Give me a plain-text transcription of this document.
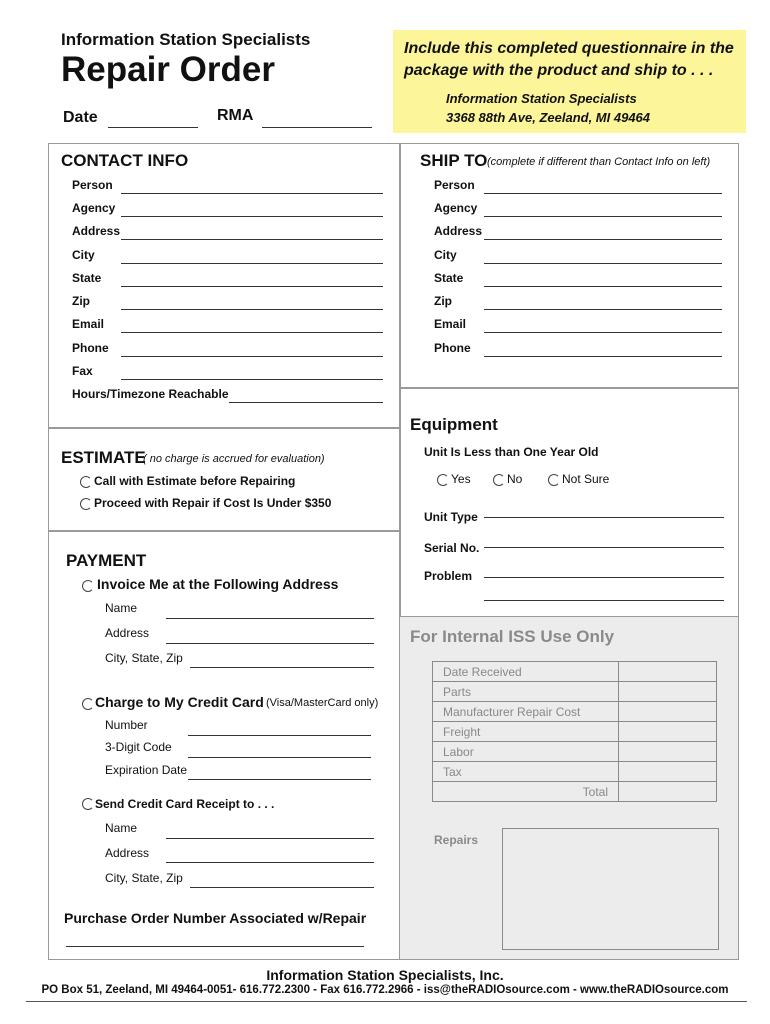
Information Station Specialists
Repair Order
Date	RMA
Include this completed questionnaire in the
package with the product and ship to . . .
Information Station Specialists
3368 88th Ave, Zeeland, MI 49464
CONTACT INFO
Person
Agency
Address
City
State
Zip
Email
Phone
Fax
Hours/Timezone Reachable
SHIP TO (complete if different than Contact Info on left)
Person
Agency
Address
City
State
Zip
Email
Phone
ESTIMATE
( no charge is accrued for evaluation)
Call with Estimate before Repairing
Proceed with Repair if Cost Is Under $350
Equipment
Unit Is Less than One Year Old
Yes	No	Not Sure
Unit Type
Serial No.
Problem
PAYMENT
Invoice Me at the Following Address
Name
Address
City, State, Zip
Charge to My Credit Card (Visa/MasterCard only)
Number
3-Digit Code
Expiration Date
Send Credit Card Receipt to . . .
Name
Address
City, State, Zip
Purchase Order Number Associated w/Repair
For Internal ISS Use Only
Date Received	
Parts	
Manufacturer Repair Cost	
Freight	
Labor	
Tax	
Total	
Repairs
Information Station Specialists, Inc.
PO Box 51, Zeeland, MI 49464-0051- 616.772.2300 - Fax 616.772.2966 - iss@theRADIOsource.com - www.theRADIOsource.com
